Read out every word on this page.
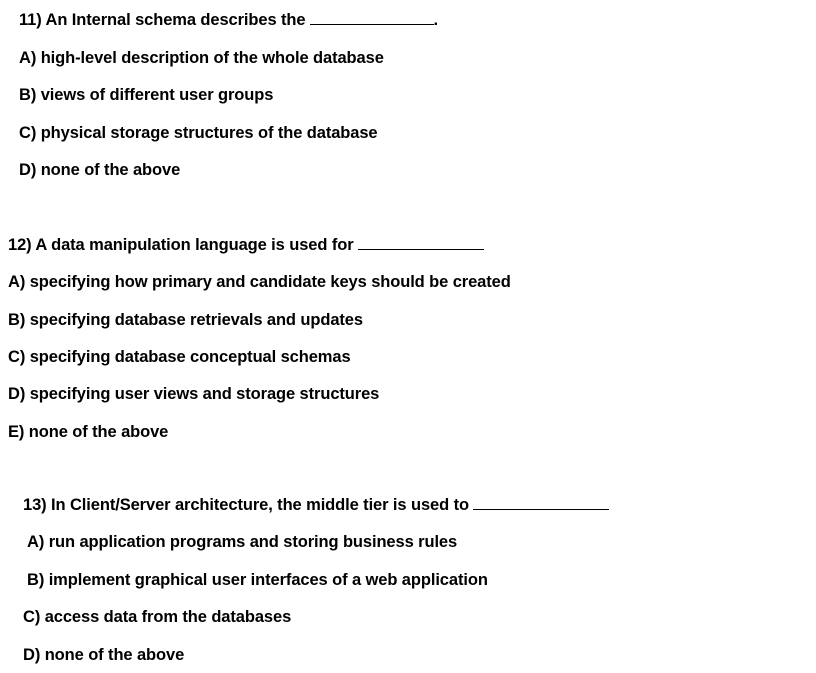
11) An Internal schema describes the	.
A) high-level description of the whole database
B) views of different user groups
C) physical storage structures of the database
D) none of the above
12) A data manipulation language is used for
A) specifying how primary and candidate keys should be created
B) specifying database retrievals and updates
C) specifying database conceptual schemas
D) specifying user views and storage structures
E) none of the above
13) In Client/Server architecture, the middle tier is used to
A) run application programs and storing business rules
B) implement graphical user interfaces of a web application
C) access data from the databases
D) none of the above
